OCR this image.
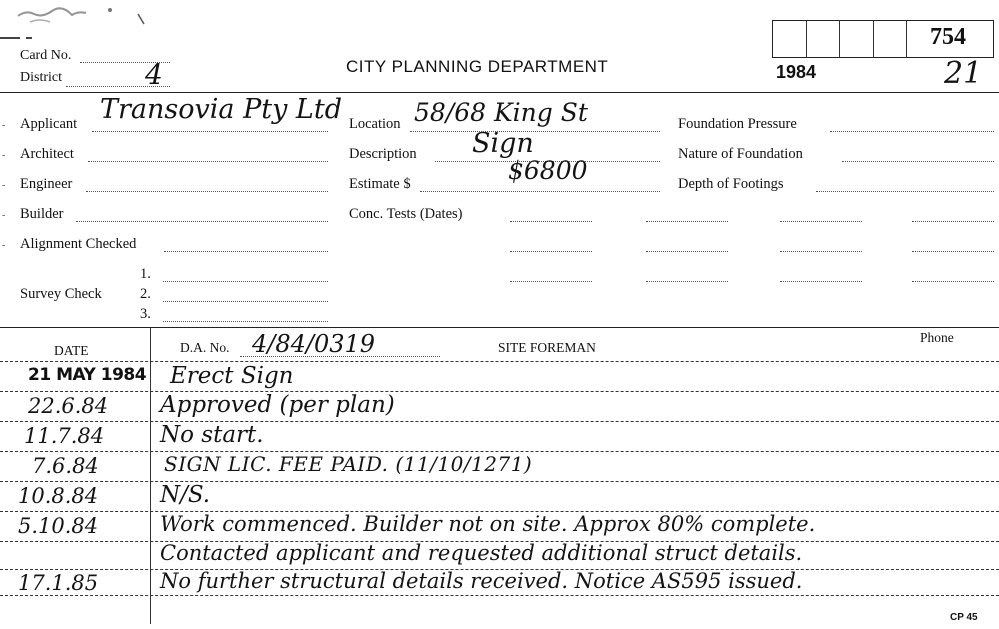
Card No.
District	4	CITY PLANNING DEPARTMENT
754
1984	21
Applicant Transovia Pty Ltd
Architect
Engineer
Builder
Alignment Checked
1.
Survey Check	2.
3.
Location 58/68 King St
Description Sign
Estimate $	$6800
Conc. Tests (Dates)
Foundation Pressure
Nature of Foundation
Depth of Footings
DATE	D.A. No. 4/84/0319	SITE FOREMAN
Phone
21 MAY 1984 Erect Sign
22.6.84 Approved (per plan)
11.7.84 No start.
7.6.84	SIGN LIC. FEE PAID. (11/10/1271)
10.8.84	N/S.
5.10.84	Work commenced. Builder not on site. Approx 80% complete.
Contacted applicant and requested additional struct details.
17.1.85	No further structural details received. Notice AS595 issued.
-
-
-
-
-
CP 45
